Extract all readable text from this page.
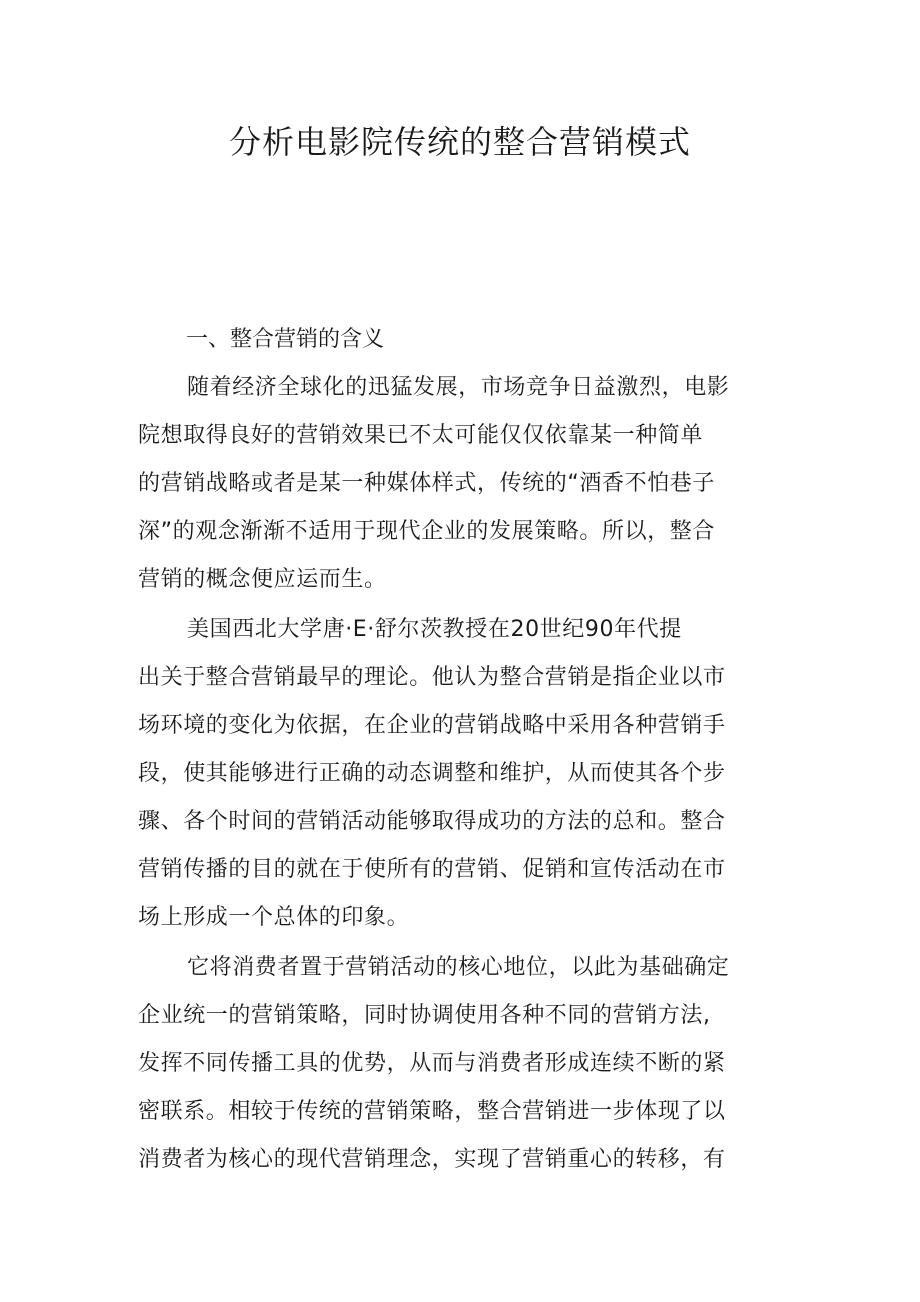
分析电影院传统的整合营销模式
一、整合营销的含义
随着经济全球化的迅猛发展，市场竞争日益激烈，电影
院想取得良好的营销效果已不太可能仅仅依靠某一种简单
的营销战略或者是某一种媒体样式，传统的“酒香不怕巷子
深”的观念渐渐不适用于现代企业的发展策略。所以，整合
营销的概念便应运而生。
美国西北大学唐·E·舒尔茨教授在20世纪90年代提
出关于整合营销最早的理论。他认为整合营销是指企业以市
场环境的变化为依据，在企业的营销战略中采用各种营销手
段，使其能够进行正确的动态调整和维护，从而使其各个步
骤、各个时间的营销活动能够取得成功的方法的总和。整合
营销传播的目的就在于使所有的营销、促销和宣传活动在市
场上形成一个总体的印象。
它将消费者置于营销活动的核心地位，以此为基础确定
企业统一的营销策略，同时协调使用各种不同的营销方法,
发挥不同传播工具的优势，从而与消费者形成连续不断的紧
密联系。相较于传统的营销策略，整合营销进一步体现了以
消费者为核心的现代营销理念，实现了营销重心的转移，有
